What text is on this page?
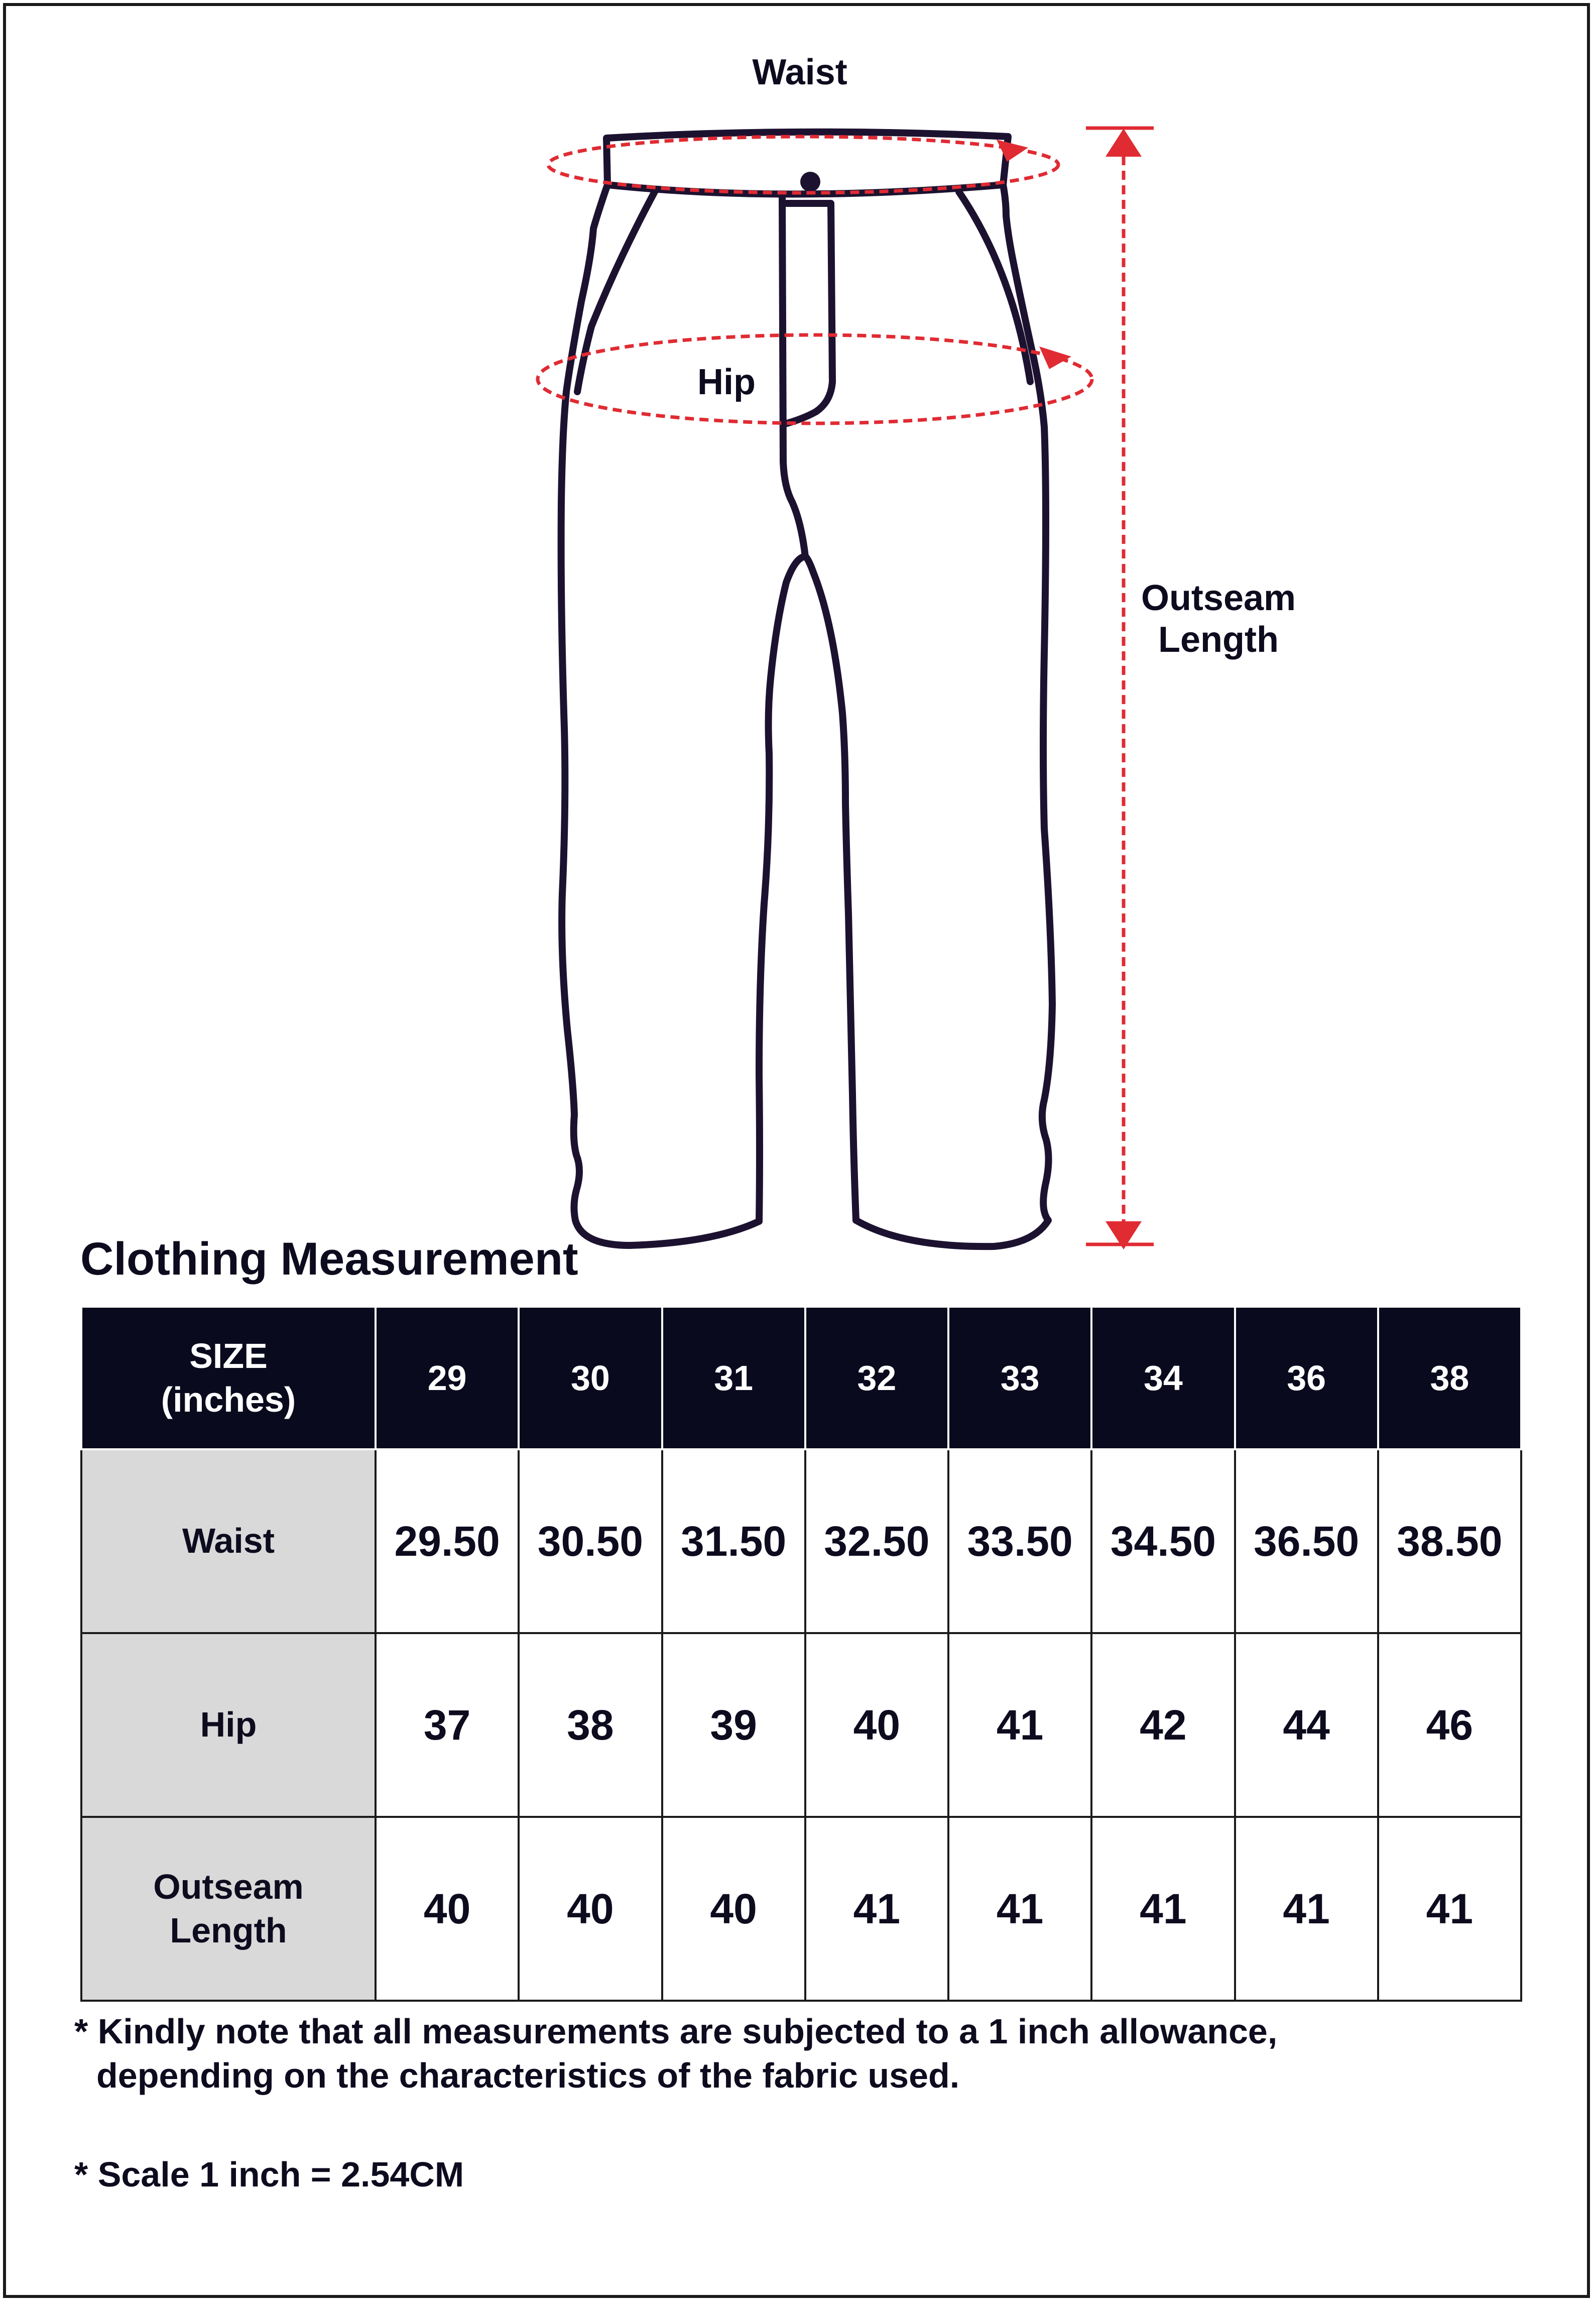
Waist
Hip
Outseam
Length
Clothing Measurement
SIZE
(inches)	29	30	31	32	33	34	36	38

Waist	29.50	30.50	31.50	32.50	33.50	34.50	36.50	38.50

Hip	37	38	39	40	41	42	44	46

Outseam
Length	40	40	40	41	41	41	41	41
* Kindly note that all measurements are subjected to a 1 inch allowance,
depending on the characteristics of the fabric used.
* Scale 1 inch = 2.54CM
